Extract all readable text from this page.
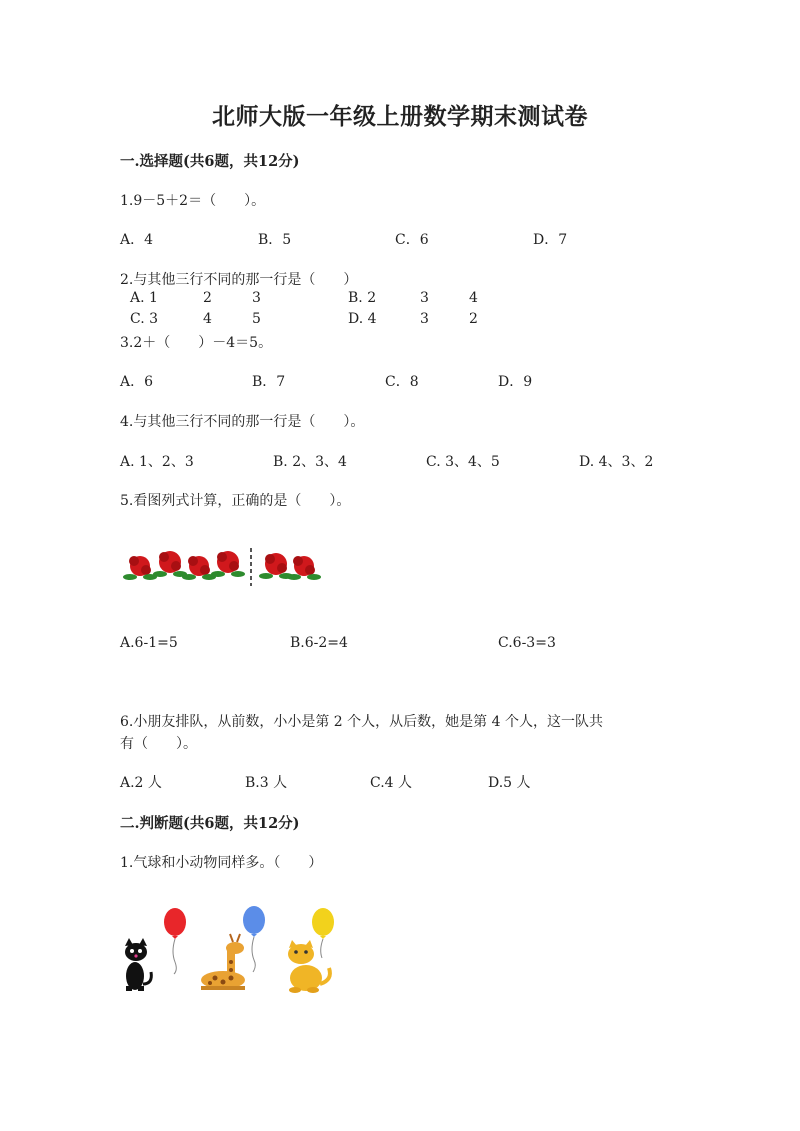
北师大版一年级上册数学期末测试卷
一.选择题(共6题，共12分)
1.9－5＋2＝（　　）。
A．4	B．5	C．6	D．7
2.与其他三行不同的那一行是（　　）
A. 1	2	3	B. 2	3	4
C. 3	4	5	D. 4	3	2
3.2＋（　　）－4＝5。
A．6	B．7	C．8	D．9
4.与其他三行不同的那一行是（　　）。
A. 1、2、3	B. 2、3、4	C. 3、4、5	D. 4、3、2
5.看图列式计算，正确的是（　　）。
A.6-1=5	B.6-2=4	C.6-3=3
6.小朋友排队，从前数，小小是第 2 个人，从后数，她是第 4 个人，这一队共
有（　　）。
A.2 人	B.3 人	C.4 人	D.5 人
二.判断题(共6题，共12分)
1.气球和小动物同样多。（　　）
